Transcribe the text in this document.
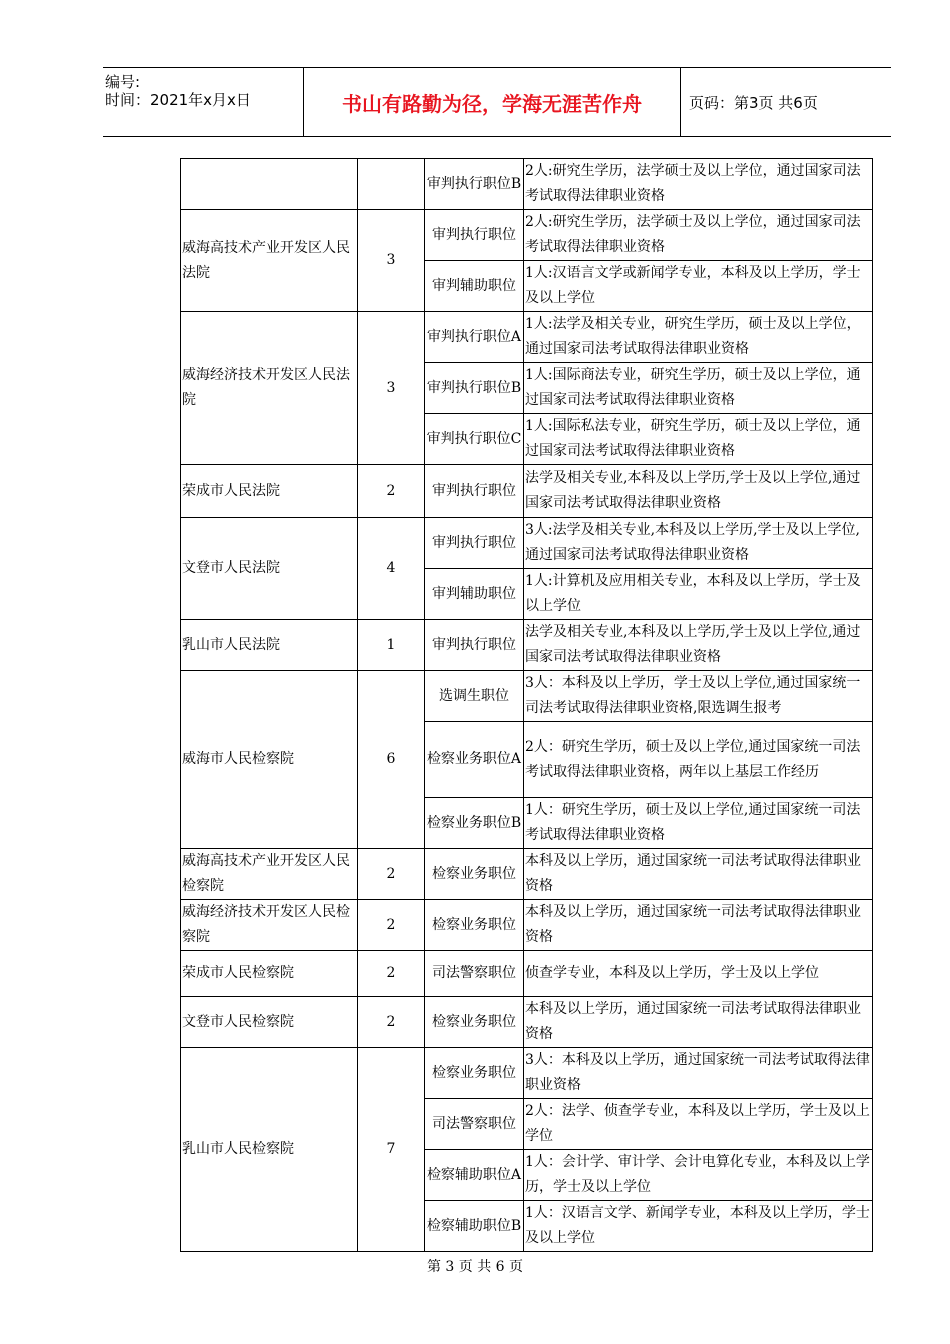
编号:
时间：2021年x月x日	书山有路勤为径，学海无涯苦作舟	页码：第3页 共6页
		审判执行职位B	2人:研究生学历，法学硕士及以上学位，通过国家司法考试取得法律职业资格
威海高技术产业开发区人民法院	3	审判执行职位	2人:研究生学历，法学硕士及以上学位，通过国家司法考试取得法律职业资格
		审判辅助职位	1人:汉语言文学或新闻学专业，本科及以上学历，学士及以上学位
威海经济技术开发区人民法院	3	审判执行职位A	1人:法学及相关专业，研究生学历，硕士及以上学位，通过国家司法考试取得法律职业资格
		审判执行职位B	1人:国际商法专业，研究生学历，硕士及以上学位，通过国家司法考试取得法律职业资格
		审判执行职位C	1人:国际私法专业，研究生学历，硕士及以上学位，通过国家司法考试取得法律职业资格
荣成市人民法院	2	审判执行职位	法学及相关专业,本科及以上学历,学士及以上学位,通过国家司法考试取得法律职业资格
文登市人民法院	4	审判执行职位	3人:法学及相关专业,本科及以上学历,学士及以上学位,通过国家司法考试取得法律职业资格
		审判辅助职位	1人:计算机及应用相关专业，本科及以上学历，学士及以上学位
乳山市人民法院	1	审判执行职位	法学及相关专业,本科及以上学历,学士及以上学位,通过国家司法考试取得法律职业资格
威海市人民检察院	6	选调生职位	3人：本科及以上学历，学士及以上学位,通过国家统一司法考试取得法律职业资格,限选调生报考
		检察业务职位A	2人：研究生学历，硕士及以上学位,通过国家统一司法考试取得法律职业资格，两年以上基层工作经历
		检察业务职位B	1人：研究生学历，硕士及以上学位,通过国家统一司法考试取得法律职业资格
威海高技术产业开发区人民检察院	2	检察业务职位	本科及以上学历，通过国家统一司法考试取得法律职业资格
威海经济技术开发区人民检察院	2	检察业务职位	本科及以上学历，通过国家统一司法考试取得法律职业资格
荣成市人民检察院	2	司法警察职位	侦查学专业，本科及以上学历，学士及以上学位
文登市人民检察院	2	检察业务职位	本科及以上学历，通过国家统一司法考试取得法律职业资格
乳山市人民检察院	7	检察业务职位	3人：本科及以上学历，通过国家统一司法考试取得法律职业资格
		司法警察职位	2人：法学、侦查学专业，本科及以上学历，学士及以上学位
		检察辅助职位A	1人：会计学、审计学、会计电算化专业，本科及以上学历，学士及以上学位
		检察辅助职位B	1人：汉语言文学、新闻学专业，本科及以上学历，学士及以上学位
第 3 页 共 6 页
